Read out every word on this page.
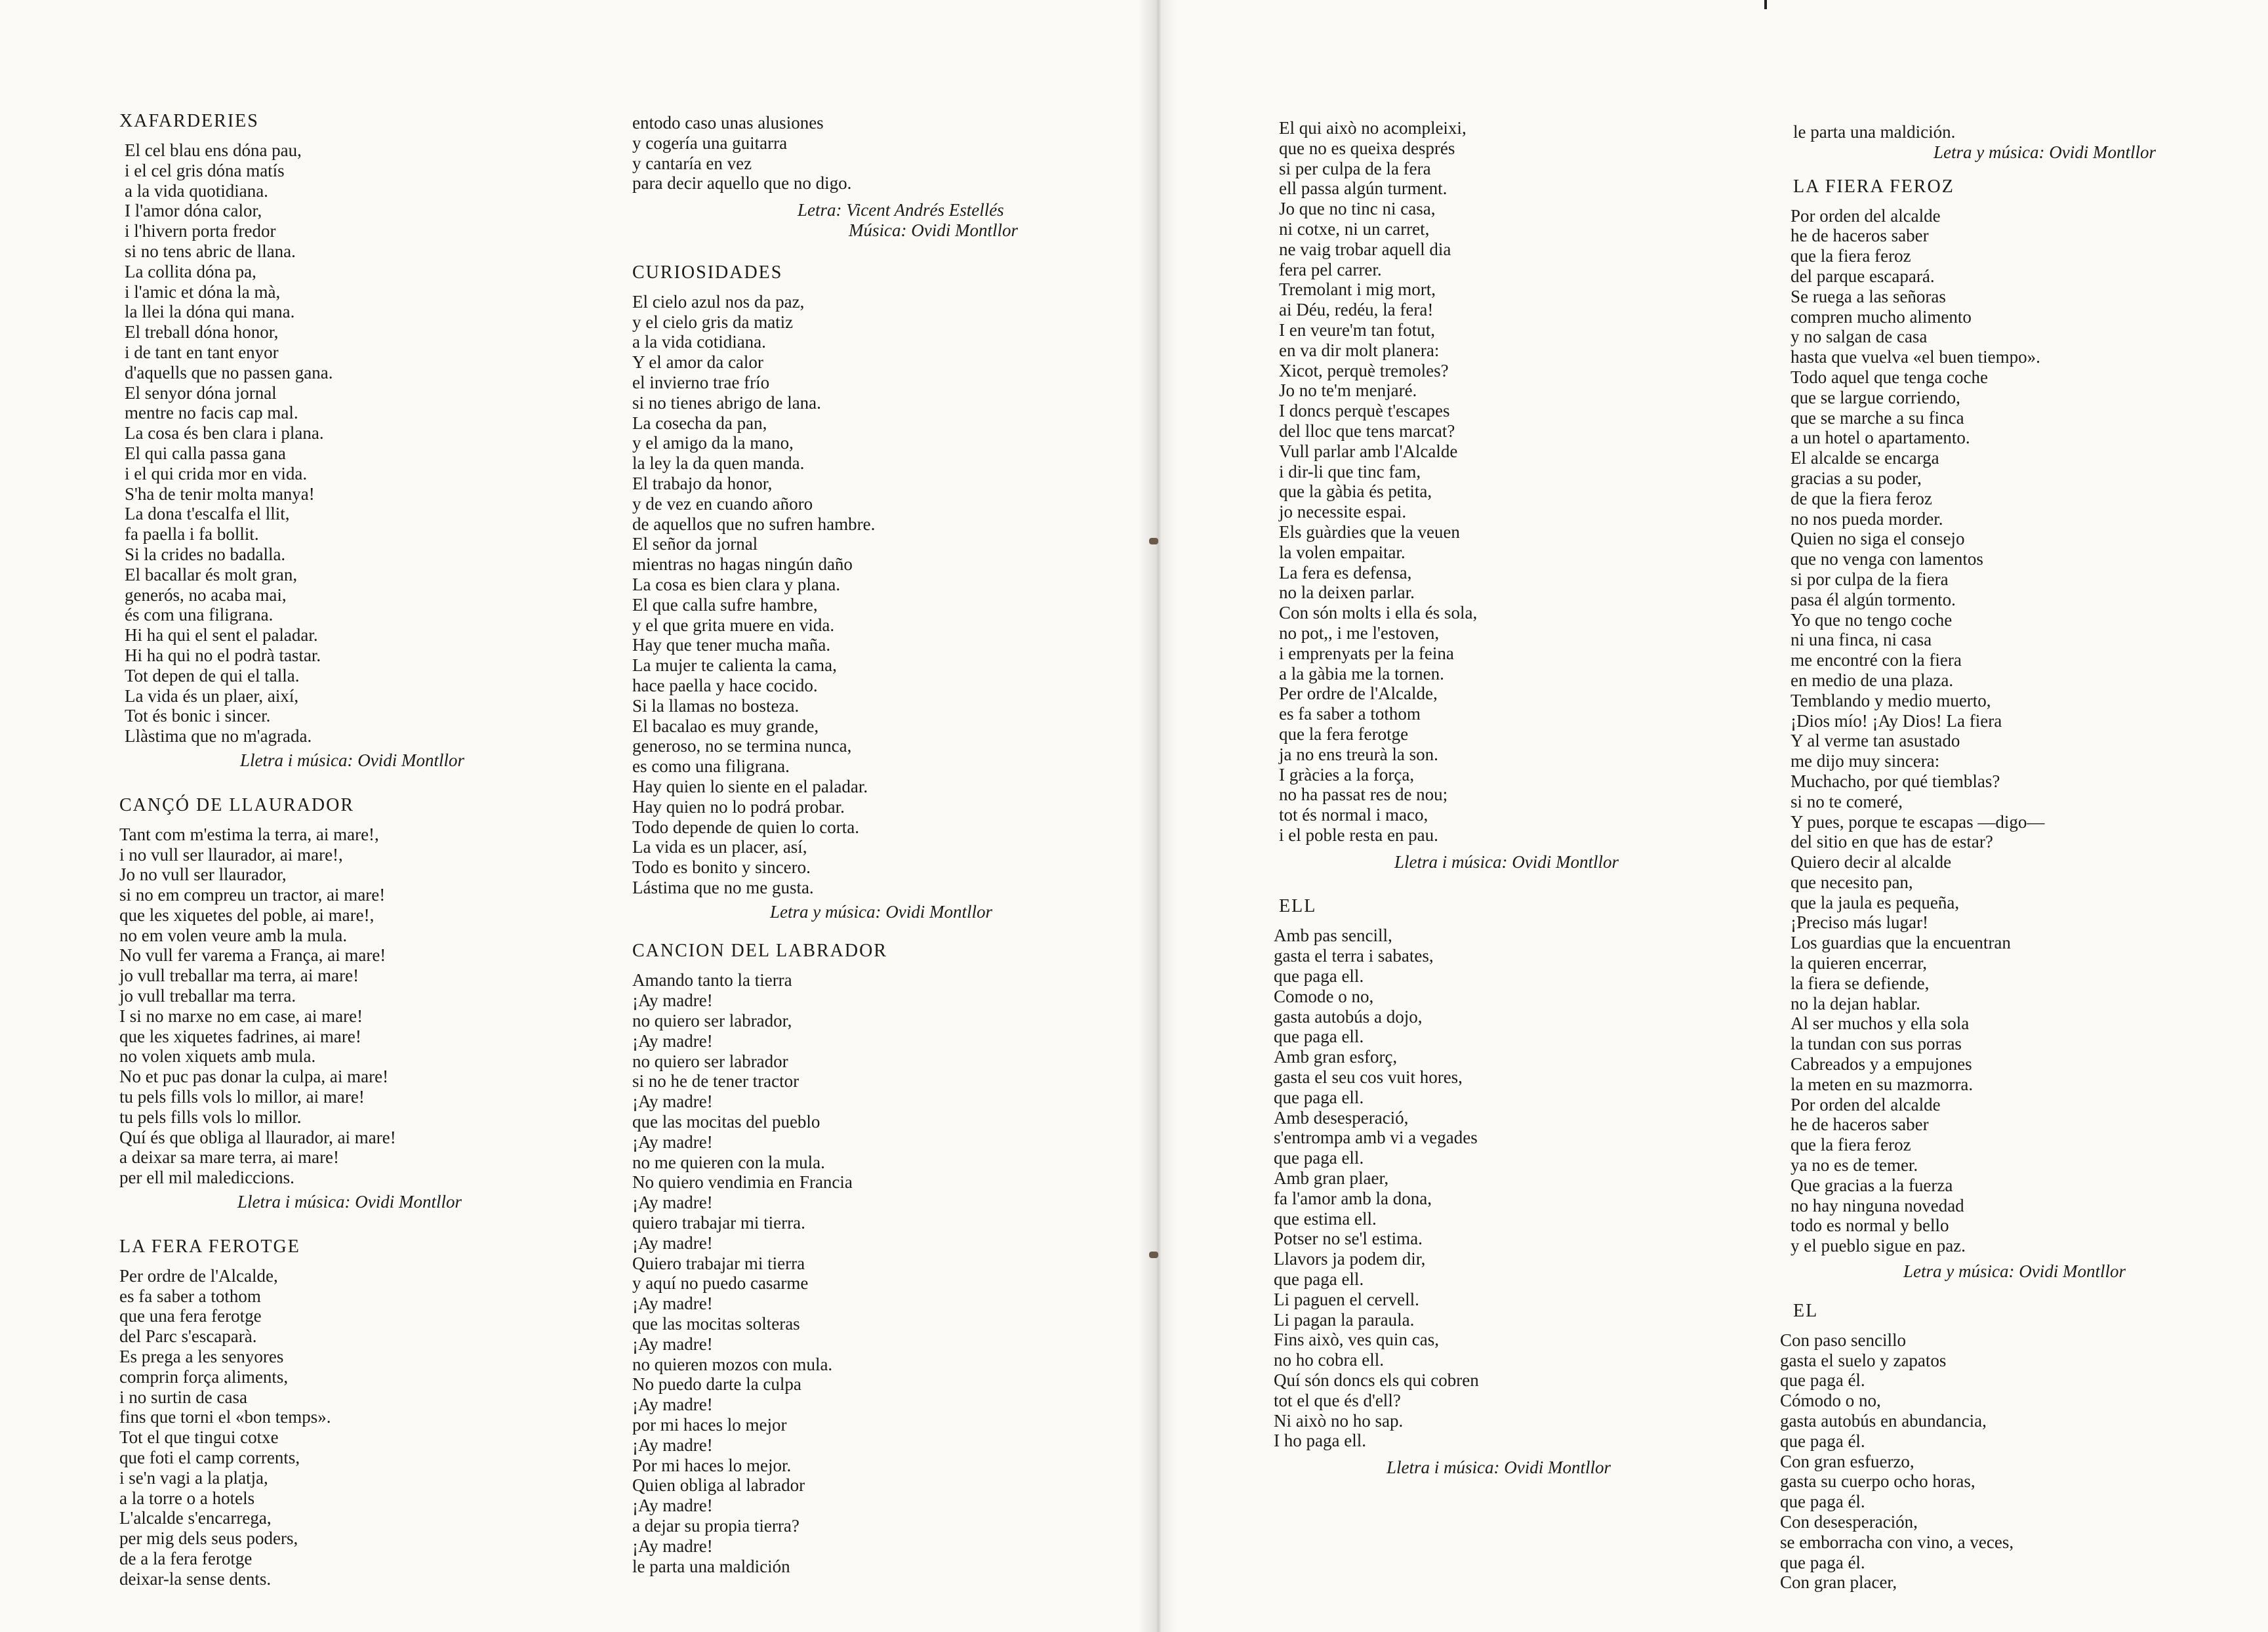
XAFARDERIES
El cel blau ens dóna pau,
i el cel gris dóna matís
a la vida quotidiana.
I l'amor dóna calor,
i l'hivern porta fredor
si no tens abric de llana.
La collita dóna pa,
i l'amic et dóna la mà,
la llei la dóna qui mana.
El treball dóna honor,
i de tant en tant enyor
d'aquells que no passen gana.
El senyor dóna jornal
mentre no facis cap mal.
La cosa és ben clara i plana.
El qui calla passa gana
i el qui crida mor en vida.
S'ha de tenir molta manya!
La dona t'escalfa el llit,
fa paella i fa bollit.
Si la crides no badalla.
El bacallar és molt gran,
generós, no acaba mai,
és com una filigrana.
Hi ha qui el sent el paladar.
Hi ha qui no el podrà tastar.
Tot depen de qui el talla.
La vida és un plaer, així,
Tot és bonic i sincer.
Llàstima que no m'agrada.
Lletra i música: Ovidi Montllor
CANÇÓ DE LLAURADOR
Tant com m'estima la terra, ai mare!,
i no vull ser llaurador, ai mare!,
Jo no vull ser llaurador,
si no em compreu un tractor, ai mare!
que les xiquetes del poble, ai mare!,
no em volen veure amb la mula.
No vull fer varema a França, ai mare!
jo vull treballar ma terra, ai mare!
jo vull treballar ma terra.
I si no marxe no em case, ai mare!
que les xiquetes fadrines, ai mare!
no volen xiquets amb mula.
No et puc pas donar la culpa, ai mare!
tu pels fills vols lo millor, ai mare!
tu pels fills vols lo millor.
Quí és que obliga al llaurador, ai mare!
a deixar sa mare terra, ai mare!
per ell mil malediccions.
Lletra i música: Ovidi Montllor
LA FERA FEROTGE
Per ordre de l'Alcalde,
es fa saber a tothom
que una fera ferotge
del Parc s'escaparà.
Es prega a les senyores
comprin força aliments,
i no surtin de casa
fins que torni el «bon temps».
Tot el que tingui cotxe
que foti el camp corrents,
i se'n vagi a la platja,
a la torre o a hotels
L'alcalde s'encarrega,
per mig dels seus poders,
de a la fera ferotge
deixar-la sense dents.
entodo caso unas alusiones
y cogería una guitarra
y cantaría en vez
para decir aquello que no digo.
Letra: Vicent Andrés Estellés
Música: Ovidi Montllor
CURIOSIDADES
El cielo azul nos da paz,
y el cielo gris da matiz
a la vida cotidiana.
Y el amor da calor
el invierno trae frío
si no tienes abrigo de lana.
La cosecha da pan,
y el amigo da la mano,
la ley la da quen manda.
El trabajo da honor,
y de vez en cuando añoro
de aquellos que no sufren hambre.
El señor da jornal
mientras no hagas ningún daño
La cosa es bien clara y plana.
El que calla sufre hambre,
y el que grita muere en vida.
Hay que tener mucha maña.
La mujer te calienta la cama,
hace paella y hace cocido.
Si la llamas no bosteza.
El bacalao es muy grande,
generoso, no se termina nunca,
es como una filigrana.
Hay quien lo siente en el paladar.
Hay quien no lo podrá probar.
Todo depende de quien lo corta.
La vida es un placer, así,
Todo es bonito y sincero.
Lástima que no me gusta.
Letra y música: Ovidi Montllor
CANCION DEL LABRADOR
Amando tanto la tierra
¡Ay madre!
no quiero ser labrador,
¡Ay madre!
no quiero ser labrador
si no he de tener tractor
¡Ay madre!
que las mocitas del pueblo
¡Ay madre!
no me quieren con la mula.
No quiero vendimia en Francia
¡Ay madre!
quiero trabajar mi tierra.
¡Ay madre!
Quiero trabajar mi tierra
y aquí no puedo casarme
¡Ay madre!
que las mocitas solteras
¡Ay madre!
no quieren mozos con mula.
No puedo darte la culpa
¡Ay madre!
por mi haces lo mejor
¡Ay madre!
Por mi haces lo mejor.
Quien obliga al labrador
¡Ay madre!
a dejar su propia tierra?
¡Ay madre!
le parta una maldición
El qui això no acompleixi,
que no es queixa després
si per culpa de la fera
ell passa algún turment.
Jo que no tinc ni casa,
ni cotxe, ni un carret,
ne vaig trobar aquell dia
fera pel carrer.
Tremolant i mig mort,
ai Déu, redéu, la fera!
I en veure'm tan fotut,
en va dir molt planera:
Xicot, perquè tremoles?
Jo no te'm menjaré.
I doncs perquè t'escapes
del lloc que tens marcat?
Vull parlar amb l'Alcalde
i dir-li que tinc fam,
que la gàbia és petita,
jo necessite espai.
Els guàrdies que la veuen
la volen empaitar.
La fera es defensa,
no la deixen parlar.
Con són molts i ella és sola,
no pot,, i me l'estoven,
i emprenyats per la feina
a la gàbia me la tornen.
Per ordre de l'Alcalde,
es fa saber a tothom
que la fera ferotge
ja no ens treurà la son.
I gràcies a la força,
no ha passat res de nou;
tot és normal i maco,
i el poble resta en pau.
Lletra i música: Ovidi Montllor
ELL
Amb pas sencill,
gasta el terra i sabates,
que paga ell.
Comode o no,
gasta autobús a dojo,
que paga ell.
Amb gran esforç,
gasta el seu cos vuit hores,
que paga ell.
Amb desesperació,
s'entrompa amb vi a vegades
que paga ell.
Amb gran plaer,
fa l'amor amb la dona,
que estima ell.
Potser no se'l estima.
Llavors ja podem dir,
que paga ell.
Li paguen el cervell.
Li pagan la paraula.
Fins això, ves quin cas,
no ho cobra ell.
Quí són doncs els qui cobren
tot el que és d'ell?
Ni això no ho sap.
I ho paga ell.
Lletra i música: Ovidi Montllor
le parta una maldición.
Letra y música: Ovidi Montllor
LA FIERA FEROZ
Por orden del alcalde
he de haceros saber
que la fiera feroz
del parque escapará.
Se ruega a las señoras
compren mucho alimento
y no salgan de casa
hasta que vuelva «el buen tiempo».
Todo aquel que tenga coche
que se largue corriendo,
que se marche a su finca
a un hotel o apartamento.
El alcalde se encarga
gracias a su poder,
de que la fiera feroz
no nos pueda morder.
Quien no siga el consejo
que no venga con lamentos
si por culpa de la fiera
pasa él algún tormento.
Yo que no tengo coche
ni una finca, ni casa
me encontré con la fiera
en medio de una plaza.
Temblando y medio muerto,
¡Dios mío! ¡Ay Dios! La fiera
Y al verme tan asustado
me dijo muy sincera:
Muchacho, por qué tiemblas?
si no te comeré,
Y pues, porque te escapas —digo—
del sitio en que has de estar?
Quiero decir al alcalde
que necesito pan,
que la jaula es pequeña,
¡Preciso más lugar!
Los guardias que la encuentran
la quieren encerrar,
la fiera se defiende,
no la dejan hablar.
Al ser muchos y ella sola
la tundan con sus porras
Cabreados y a empujones
la meten en su mazmorra.
Por orden del alcalde
he de haceros saber
que la fiera feroz
ya no es de temer.
Que gracias a la fuerza
no hay ninguna novedad
todo es normal y bello
y el pueblo sigue en paz.
Letra y música: Ovidi Montllor
EL
Con paso sencillo
gasta el suelo y zapatos
que paga él.
Cómodo o no,
gasta autobús en abundancia,
que paga él.
Con gran esfuerzo,
gasta su cuerpo ocho horas,
que paga él.
Con desesperación,
se emborracha con vino, a veces,
que paga él.
Con gran placer,
